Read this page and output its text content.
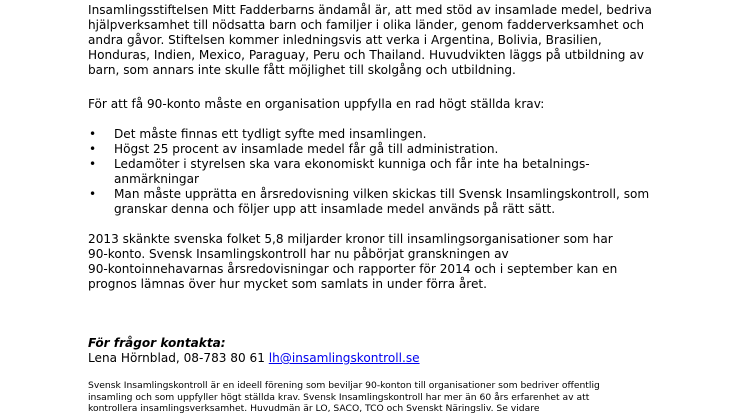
Insamlingsstiftelsen Mitt Fadderbarns ändamål är, att med stöd av insamlade medel, bedriva
hjälpverksamhet till nödsatta barn och familjer i olika länder, genom fadderverksamhet och
andra gåvor. Stiftelsen kommer inledningsvis att verka i Argentina, Bolivia, Brasilien,
Honduras, Indien, Mexico, Paraguay, Peru och Thailand. Huvudvikten läggs på utbildning av
barn, som annars inte skulle fått möjlighet till skolgång och utbildning.

För att få 90-konto måste en organisation uppfylla en rad högt ställda krav:

• Det måste finnas ett tydligt syfte med insamlingen.
• Högst 25 procent av insamlade medel får gå till administration.
• Ledamöter i styrelsen ska vara ekonomiskt kunniga och får inte ha betalnings-
anmärkningar
• Man måste upprätta en årsredovisning vilken skickas till Svensk Insamlingskontroll, som
granskar denna och följer upp att insamlade medel används på rätt sätt.

2013 skänkte svenska folket 5,8 miljarder kronor till insamlingsorganisationer som har
90-konto. Svensk Insamlingskontroll har nu påbörjat granskningen av
90-kontoinnehavarnas årsredovisningar och rapporter för 2014 och i september kan en
prognos lämnas över hur mycket som samlats in under förra året.

För frågor kontakta:
Lena Hörnblad, 08-783 80 61 lh@insamlingskontroll.se
Svensk Insamlingskontroll är en ideell förening som beviljar 90-konton till organisationer som bedriver offentlig
insamling och som uppfyller högt ställda krav. Svensk Insamlingskontroll har mer än 60 års erfarenhet av att
kontrollera insamlingsverksamhet. Huvudmän är LO, SACO, TCO och Svenskt Näringsliv. Se vidare
